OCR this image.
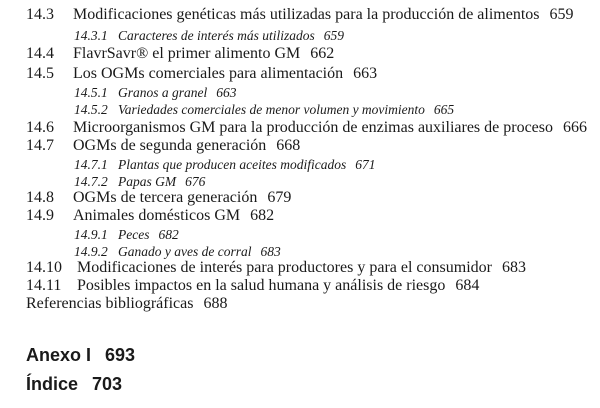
14.3 Modificaciones genéticas más utilizadas para la producción de alimentos 659
14.3.1 Caracteres de interés más utilizados 659
14.4 FlavrSavr® el primer alimento GM 662
14.5 Los OGMs comerciales para alimentación 663
14.5.1 Granos a granel 663
14.5.2 Variedades comerciales de menor volumen y movimiento 665
14.6 Microorganismos GM para la producción de enzimas auxiliares de proceso 666
14.7 OGMs de segunda generación 668
14.7.1 Plantas que producen aceites modificados 671
14.7.2 Papas GM 676
14.8 OGMs de tercera generación 679
14.9 Animales domésticos GM 682
14.9.1 Peces 682
14.9.2 Ganado y aves de corral 683
14.10 Modificaciones de interés para productores y para el consumidor 683
14.11 Posibles impactos en la salud humana y análisis de riesgo 684
Referencias bibliográficas 688
Anexo I 693
Índice 703
